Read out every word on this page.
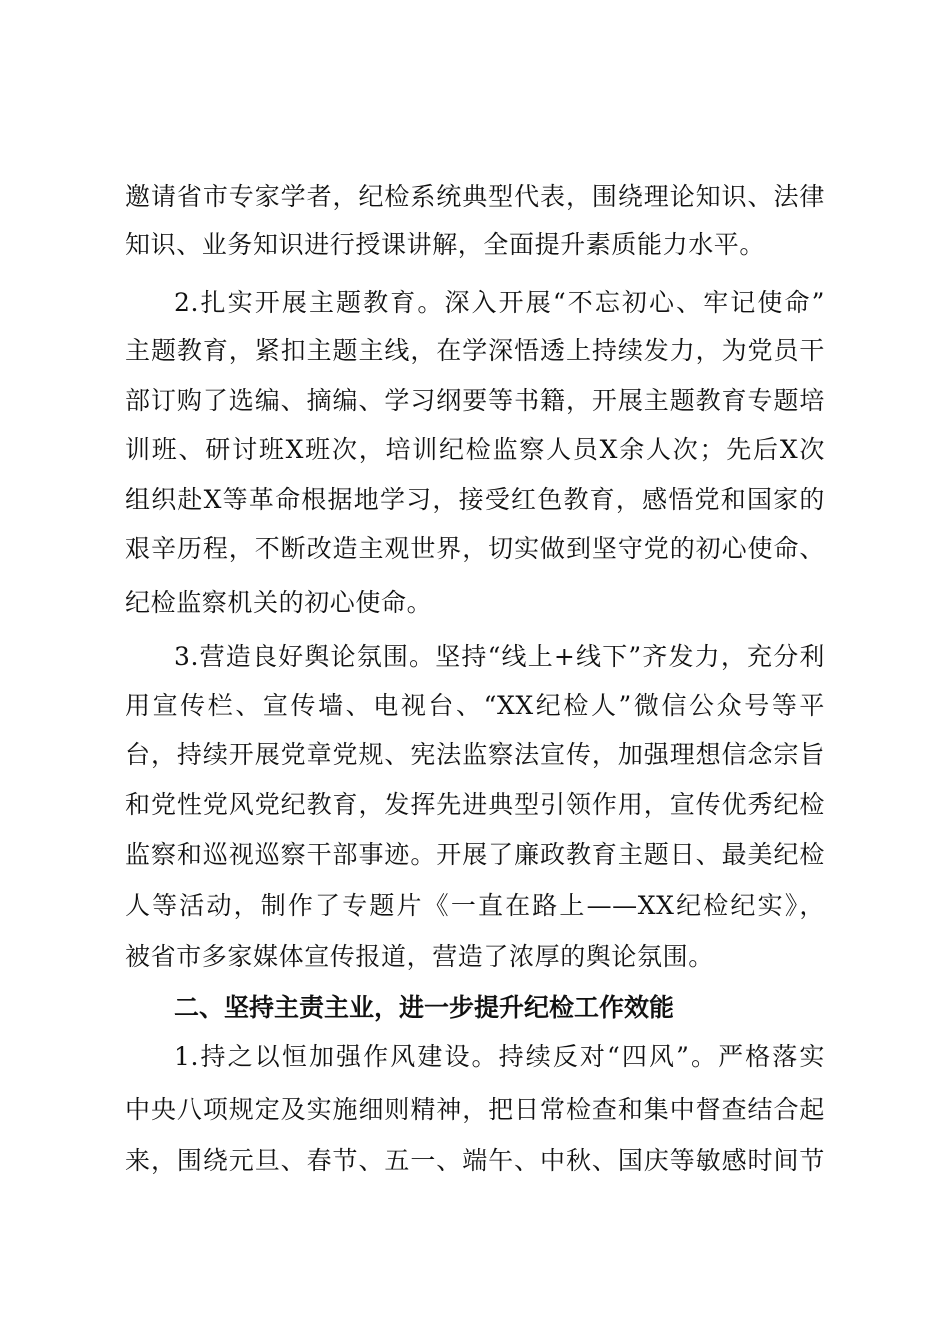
邀请省市专家学者，纪检系统典型代表，围绕理论知识、法律
知识、业务知识进行授课讲解，全面提升素质能力水平。
2.扎实开展主题教育。深入开展“不忘初心、牢记使命”
主题教育，紧扣主题主线，在学深悟透上持续发力，为党员干
部订购了选编、摘编、学习纲要等书籍，开展主题教育专题培
训班、研讨班X班次，培训纪检监察人员X余人次；先后X次
组织赴X等革命根据地学习，接受红色教育，感悟党和国家的
艰辛历程，不断改造主观世界，切实做到坚守党的初心使命、
纪检监察机关的初心使命。
3.营造良好舆论氛围。坚持“线上+线下”齐发力，充分利
用宣传栏、宣传墙、电视台、“XX纪检人”微信公众号等平
台，持续开展党章党规、宪法监察法宣传，加强理想信念宗旨
和党性党风党纪教育，发挥先进典型引领作用，宣传优秀纪检
监察和巡视巡察干部事迹。开展了廉政教育主题日、最美纪检
人等活动，制作了专题片《一直在路上——XX纪检纪实》，
被省市多家媒体宣传报道，营造了浓厚的舆论氛围。
二、坚持主责主业，进一步提升纪检工作效能
1.持之以恒加强作风建设。持续反对“四风”。严格落实
中央八项规定及实施细则精神，把日常检查和集中督查结合起
来，围绕元旦、春节、五一、端午、中秋、国庆等敏感时间节
